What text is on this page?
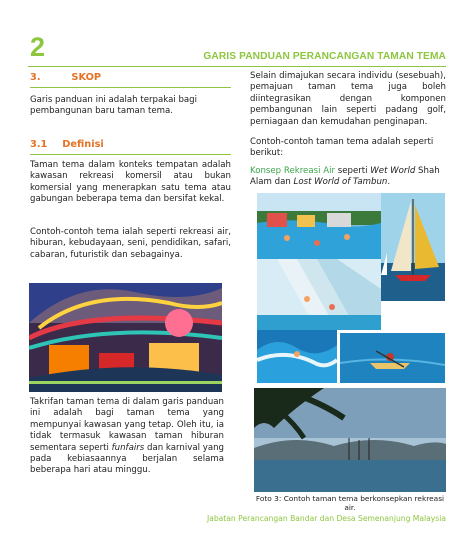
2	GARIS PANDUAN PERANCANGAN TAMAN TEMA
3.	SKOP
Garis panduan ini adalah terpakai bagi pembangunan baru taman tema.
3.1 Definisi
Taman tema dalam konteks tempatan adalah kawasan rekreasi komersil atau bukan komersial yang menerapkan satu tema atau gabungan beberapa tema dan bersifat kekal.
Contoh-contoh tema ialah seperti rekreasi air, hiburan, kebudayaan, seni, pendidikan, safari, cabaran, futuristik dan sebagainya.
Takrifan taman tema di dalam garis panduan ini adalah bagi taman tema yang mempunyai kawasan yang tetap. Oleh itu, ia tidak termasuk kawasan taman hiburan sementara seperti funfairs dan karnival yang pada kebiasaannya berjalan selama beberapa hari atau minggu.
Selain dimajukan secara individu (sesebuah), pemajuan taman tema juga boleh diintegrasikan dengan komponen pembangunan lain seperti padang golf, perniagaan dan kemudahan penginapan.
Contoh-contoh taman tema adalah seperti berikut:
Konsep Rekreasi Air seperti Wet World Shah Alam dan Lost World of Tambun.
Foto 3: Contoh taman tema berkonsepkan rekreasi air.
Jabatan Perancangan Bandar dan Desa Semenanjung Malaysia
